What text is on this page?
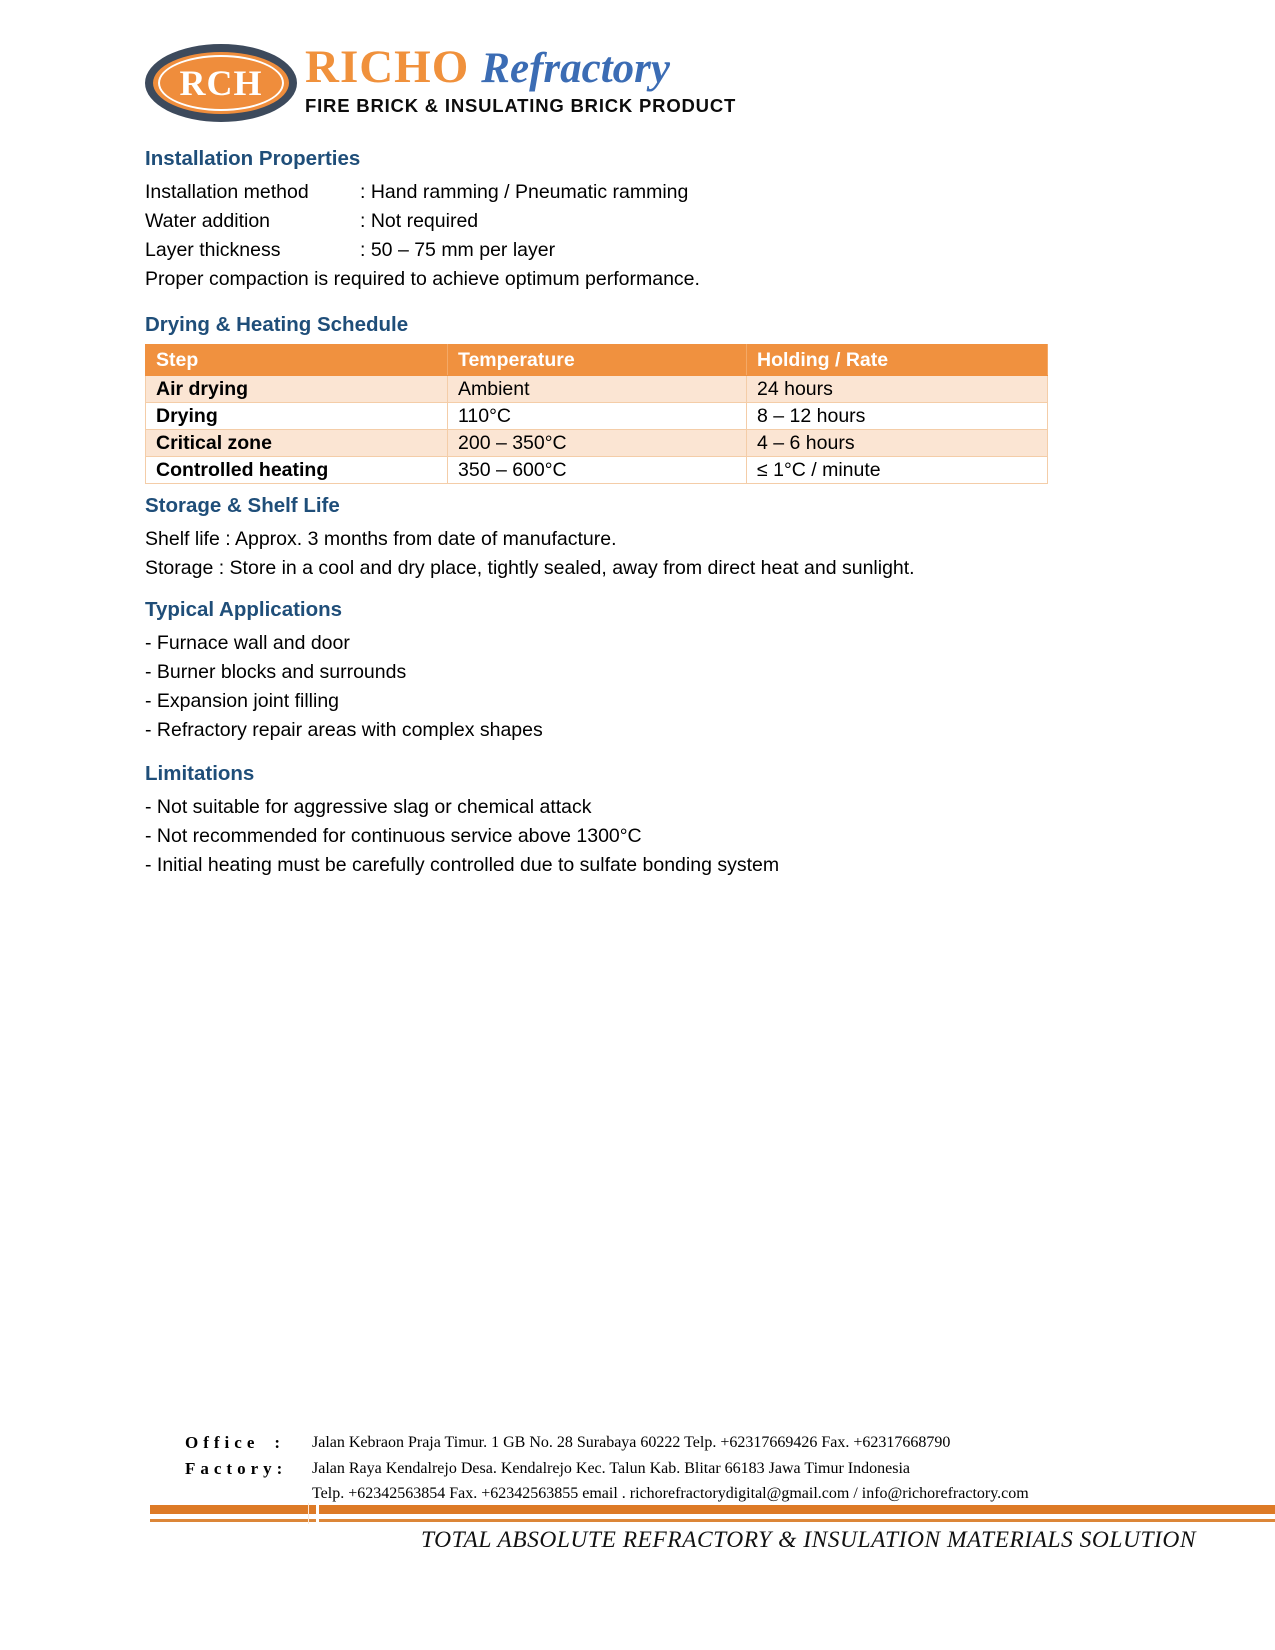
RCH RICHO Refractory
FIRE BRICK & INSULATING BRICK PRODUCT
Installation Properties
Installation method	: Hand ramming / Pneumatic ramming
Water addition	: Not required
Layer thickness	: 50 – 75 mm per layer
Proper compaction is required to achieve optimum performance.
Drying & Heating Schedule
Step	Temperature	Holding / Rate
Air drying	Ambient	24 hours
Drying	110°C	8 – 12 hours
Critical zone	200 – 350°C	4 – 6 hours
Controlled heating	350 – 600°C	≤ 1°C / minute
Storage & Shelf Life
Shelf life : Approx. 3 months from date of manufacture.
Storage : Store in a cool and dry place, tightly sealed, away from direct heat and sunlight.
Typical Applications
- Furnace wall and door
- Burner blocks and surrounds
- Expansion joint filling
- Refractory repair areas with complex shapes
Limitations
- Not suitable for aggressive slag or chemical attack
- Not recommended for continuous service above 1300°C
- Initial heating must be carefully controlled due to sulfate bonding system
Office : Jalan Kebraon Praja Timur. 1 GB No. 28 Surabaya 60222 Telp. +62317669426 Fax. +62317668790
Factory : Jalan Raya Kendalrejo Desa. Kendalrejo Kec. Talun Kab. Blitar 66183 Jawa Timur Indonesia
Telp. +62342563854 Fax. +62342563855 email . richorefractorydigital@gmail.com / info@richorefractory.com
TOTAL ABSOLUTE REFRACTORY & INSULATION MATERIALS SOLUTION
